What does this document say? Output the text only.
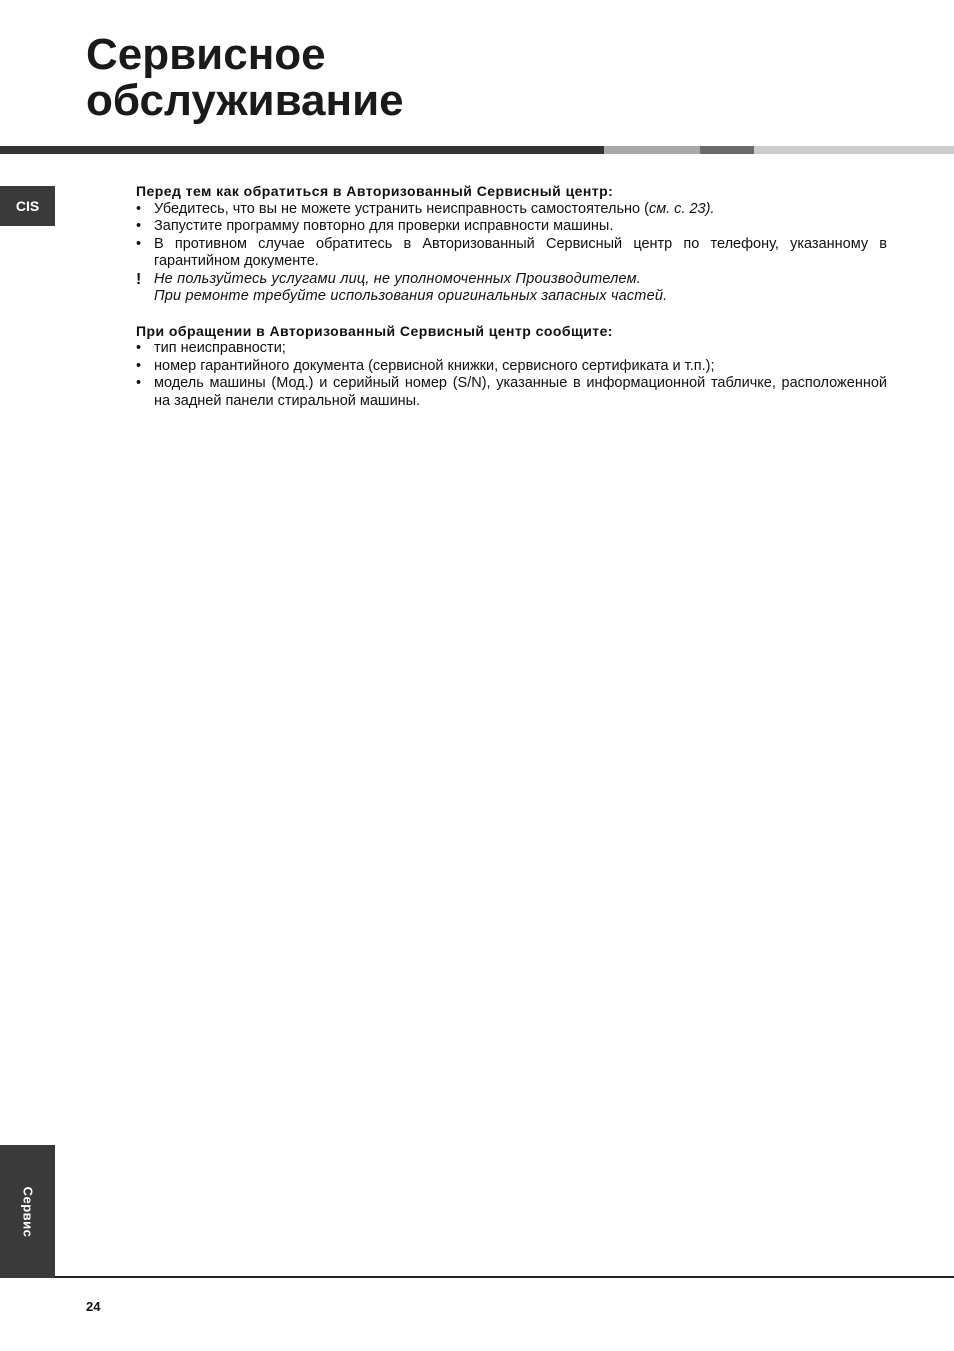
Сервисное
обслуживание
CIS

Перед тем как обратиться в Авторизованный Сервисный центр:

• Убедитесь, что вы не можете устранить неисправность самостоятельно (см. с. 23).
• Запустите программу повторно для проверки исправности машины.
• В противном случае обратитесь в Авторизованный Сервисный центр по телефону, указанному в гарантийном документе.
! Не пользуйтесь услугами лиц, не уполномоченных Производителем.
При ремонте требуйте использования оригинальных запасных частей.

При обращении в Авторизованный Сервисный центр сообщите:

• тип неисправности;
• номер гарантийного документа (сервисной книжки, сервисного сертификата и т.п.);
• модель машины (Мод.) и серийный номер (S/N), указанные в информационной табличке, расположенной на задней панели стиральной машины.
Сервис
24
